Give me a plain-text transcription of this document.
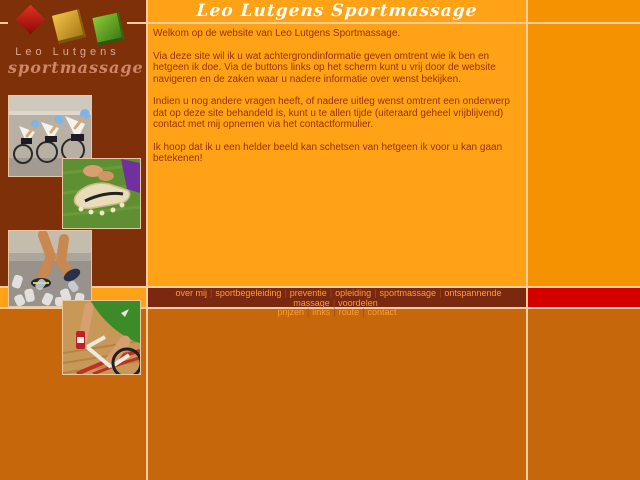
Leo Lutgens Sportmassage
Leo Lutgens
sportmassage

Welkom op de website van Leo Lutgens Sportmassage.

Via deze site wil ik u wat achtergrondinformatie geven omtrent wie ik ben en hetgeen ik doe. Via de buttons links op het scherm kunt u vrij door de website navigeren en de zaken waar u nadere informatie over wenst bekijken.

Indien u nog andere vragen heeft, of nadere uitleg wenst omtrent een onderwerp dat op deze site behandeld is, kunt u te allen tijde (uiteraard geheel vrijblijvend) contact met mij opnemen via het contactformulier.

Ik hoop dat ik u een helder beeld kan schetsen van hetgeen ik voor u kan gaan betekenen!

over mij | sportbegeleiding | preventie | opleiding | sportmassage | ontspannende massage | voordelen
prijzen | links | route | contact
